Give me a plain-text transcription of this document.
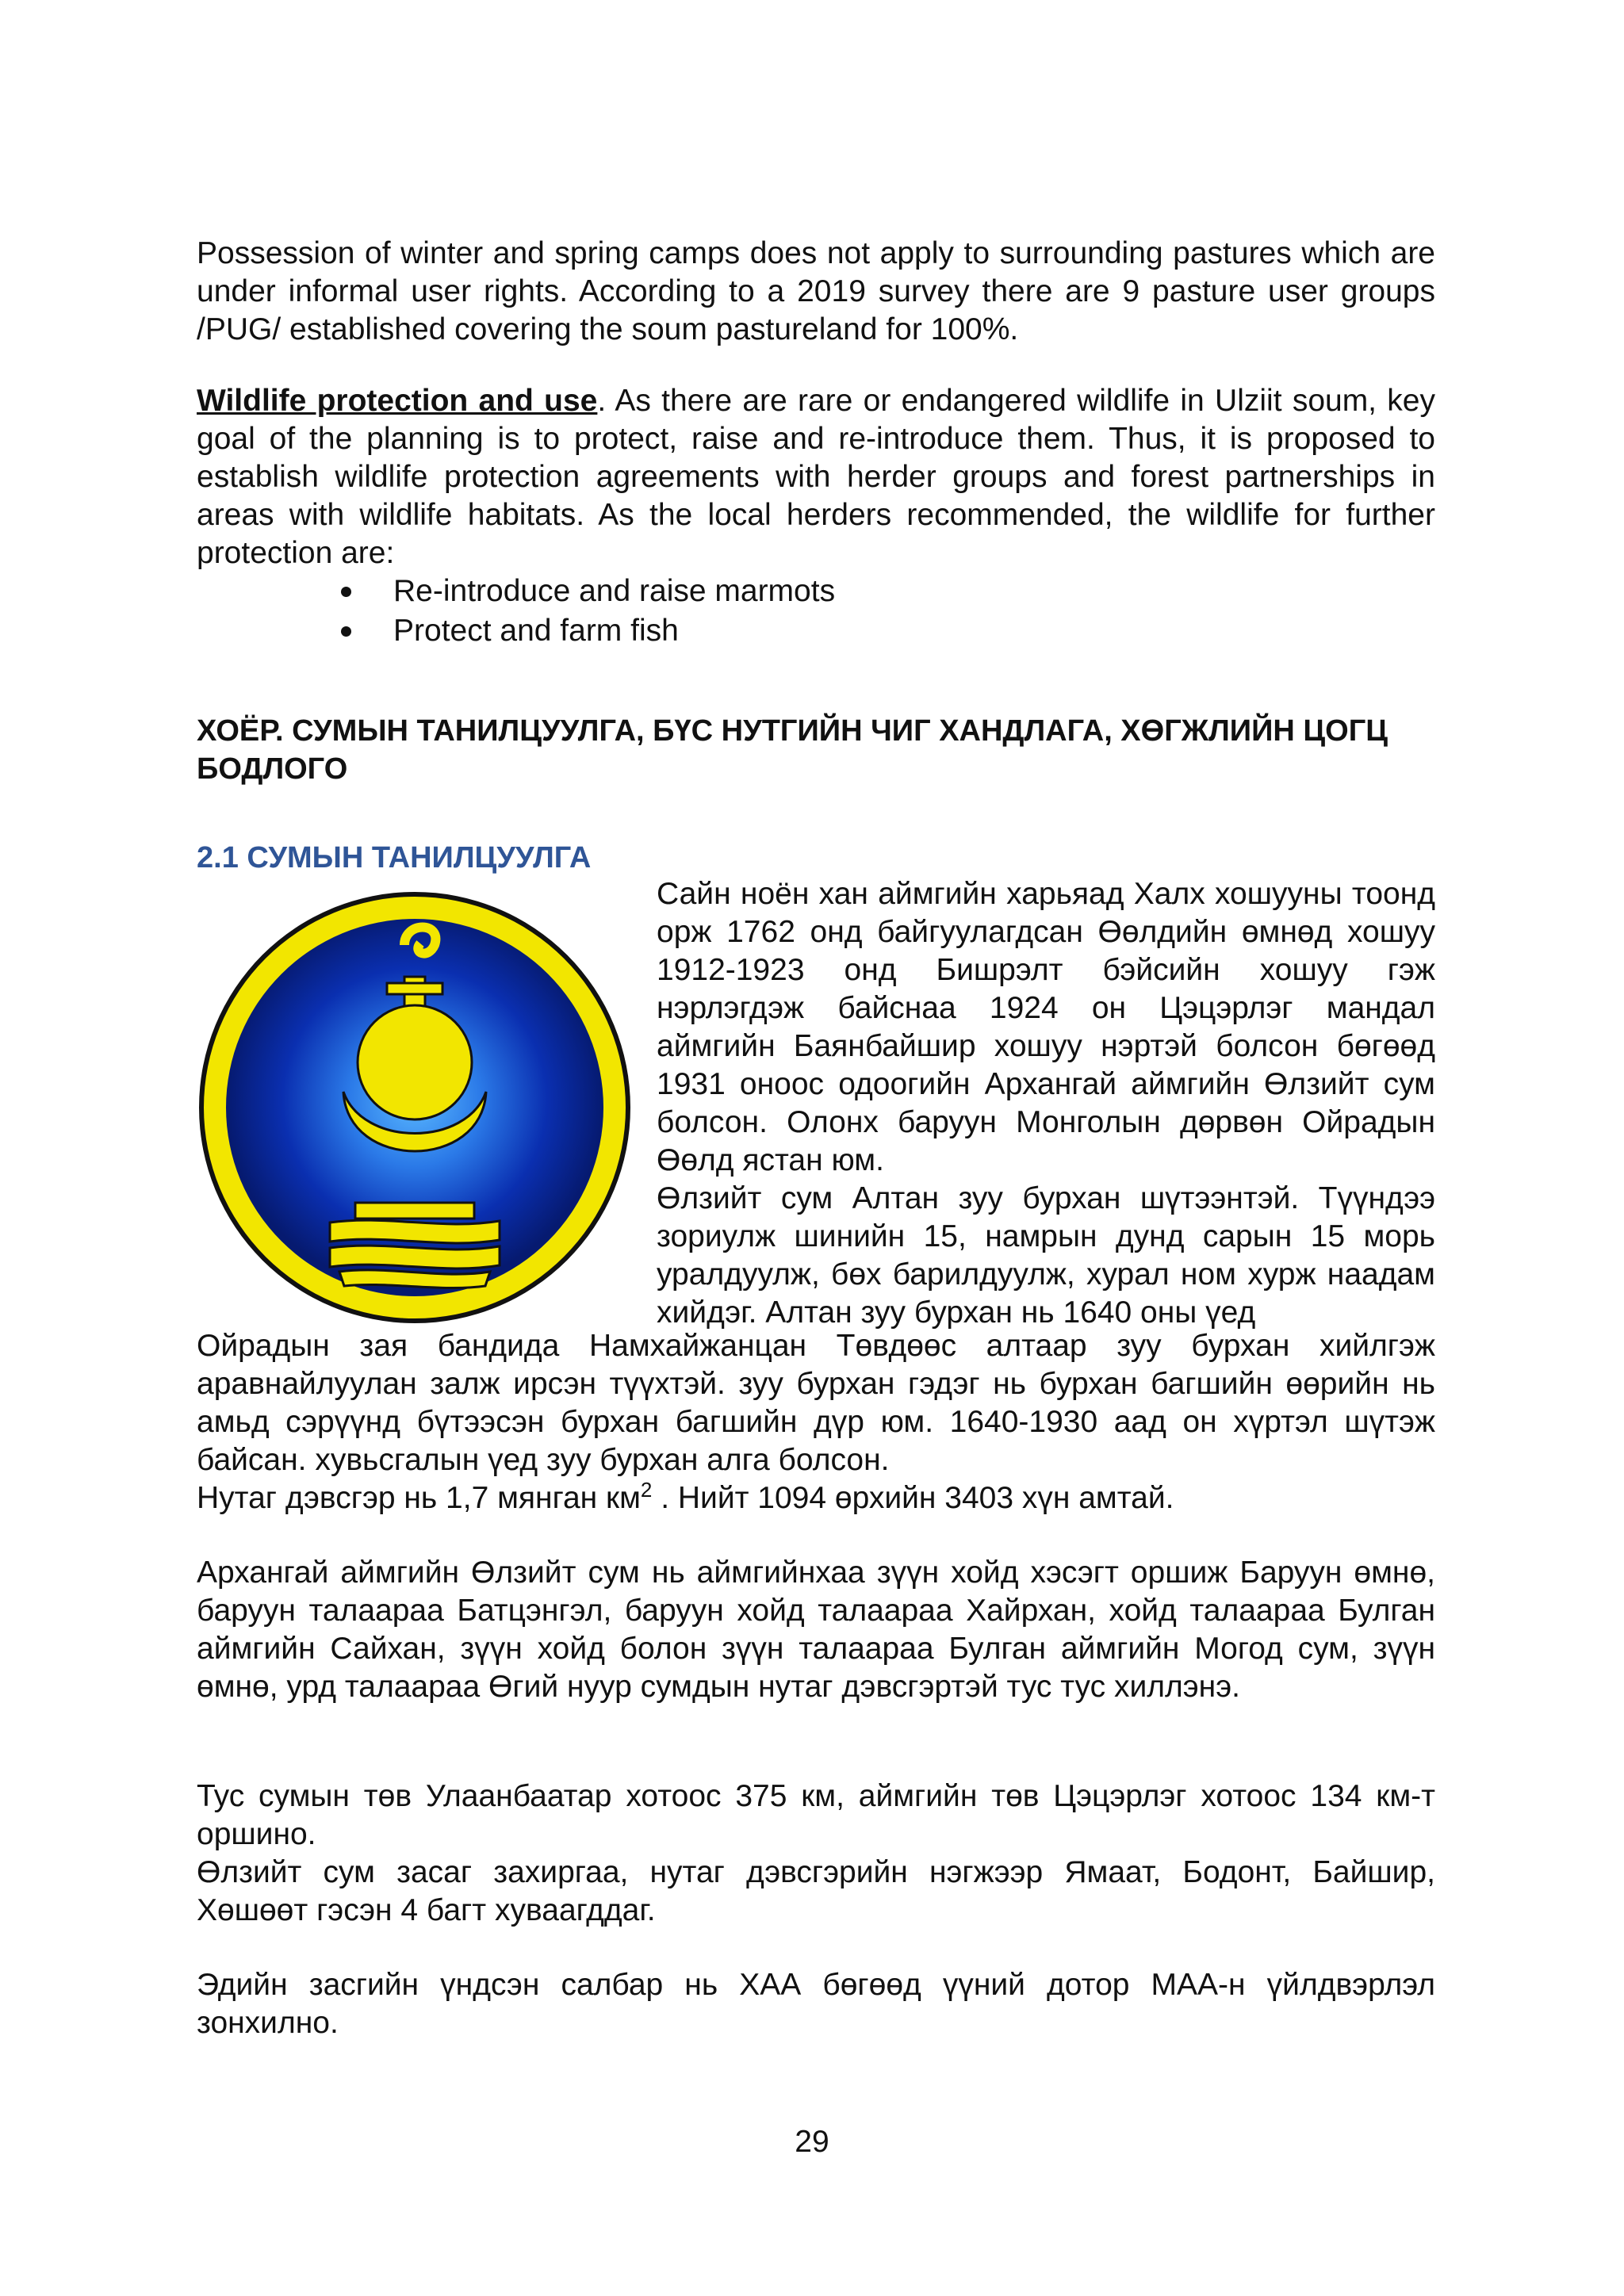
Possession of winter and spring camps does not apply to surrounding pastures which are under informal user rights. According to a 2019 survey there are 9 pasture user groups /PUG/ established covering the soum pastureland for 100%.

Wildlife protection and use. As there are rare or endangered wildlife in Ulziit soum, key goal of the planning is to protect, raise and re-introduce them. Thus, it is proposed to establish wildlife protection agreements with herder groups and forest partnerships in areas with wildlife habitats. As the local herders recommended, the wildlife for further protection are:

Re-introduce and raise marmots
Protect and farm fish
ХОЁР. СУМЫН ТАНИЛЦУУЛГА, БҮС НУТГИЙН ЧИГ ХАНДЛАГА, ХӨГЖЛИЙН ЦОГЦ БОДЛОГО
2.1 СУМЫН ТАНИЛЦУУЛГА

Сайн ноён хан аймгийн харьяад Халх хошууны тоонд орж 1762 онд байгуулагдсан Өөлдийн өмнөд хошуу 1912-1923 онд Бишрэлт бэйсийн хошуу гэж нэрлэгдэж байснаа 1924 он Цэцэрлэг мандал аймгийн Баянбайшир хошуу нэртэй болсон бөгөөд 1931 оноос одоогийн Архангай аймгийн Өлзийт сум болсон. Олонх баруун Монголын дөрвөн Ойрадын Өөлд ястан юм.

Өлзийт сум Алтан зуу бурхан шүтээнтэй. Түүндээ зориулж шинийн 15, намрын дунд сарын 15 морь уралдуулж, бөх барилдуулж, хурал ном хурж наадам хийдэг. Алтан зуу бурхан нь 1640 оны үед

Ойрадын зая бандида Намхайжанцан Төвдөөс алтаар зуу бурхан хийлгэж аравнайлуулан залж ирсэн түүхтэй. зуу бурхан гэдэг нь бурхан багшийн өөрийн нь амьд сэрүүнд бүтээсэн бурхан багшийн дүр юм. 1640-1930 аад он хүртэл шүтэж байсан. хувьсгалын үед зуу бурхан алга болсон.

Нутаг дэвсгэр нь 1,7 мянган $км^2$ . Нийт 1094 өрхийн 3403 хүн амтай.

Архангай аймгийн Өлзийт сум нь аймгийнхаа зүүн хойд хэсэгт оршиж Баруун өмнө, баруун талаараа Батцэнгэл, баруун хойд талаараа Хайрхан, хойд талаараа Булган аймгийн Сайхан, зүүн хойд болон зүүн талаараа Булган аймгийн Могод сум, зүүн өмнө, урд талаараа Өгий нуур сумдын нутаг дэвсгэртэй тус тус хиллэнэ.

Тус сумын төв Улаанбаатар хотоос 375 км, аймгийн төв Цэцэрлэг хотоос 134 км-т оршино.

Өлзийт сум засаг захиргаа, нутаг дэвсгэрийн нэгжээр Ямаат, Бодонт, Байшир, Хөшөөт гэсэн 4 багт хуваагддаг.

Эдийн засгийн үндсэн салбар нь ХАА бөгөөд үүний дотор МАА-н үйлдвэрлэл зонхилно.

29
